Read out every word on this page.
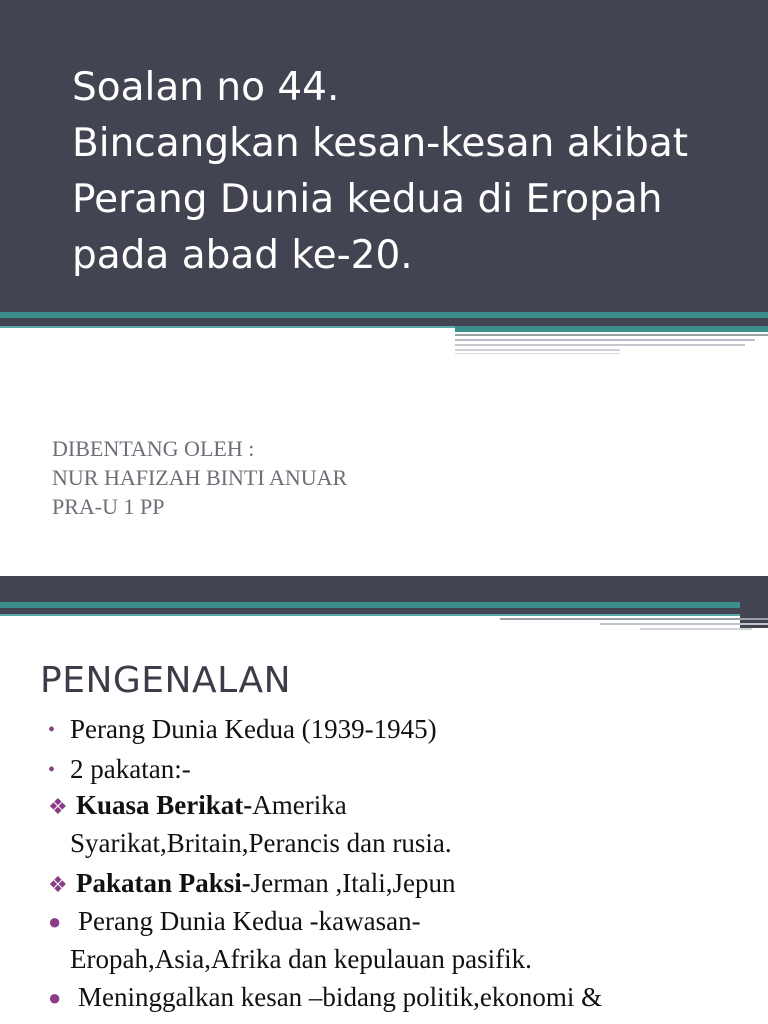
Soalan no 44.
Bincangkan kesan-kesan akibat
Perang Dunia kedua di Eropah
pada abad ke-20.
DIBENTANG OLEH :
NUR HAFIZAH BINTI ANUAR
PRA-U 1 PP
PENGENALAN
• Perang Dunia Kedua (1939-1945)
• 2 pakatan:-
❖ Kuasa Berikat-Amerika
Syarikat,Britain,Perancis dan rusia.
❖ Pakatan Paksi-Jerman ,Itali,Jepun
● Perang Dunia Kedua -kawasan-
Eropah,Asia,Afrika dan kepulauan pasifik.
● Meninggalkan kesan –bidang politik,ekonomi &
